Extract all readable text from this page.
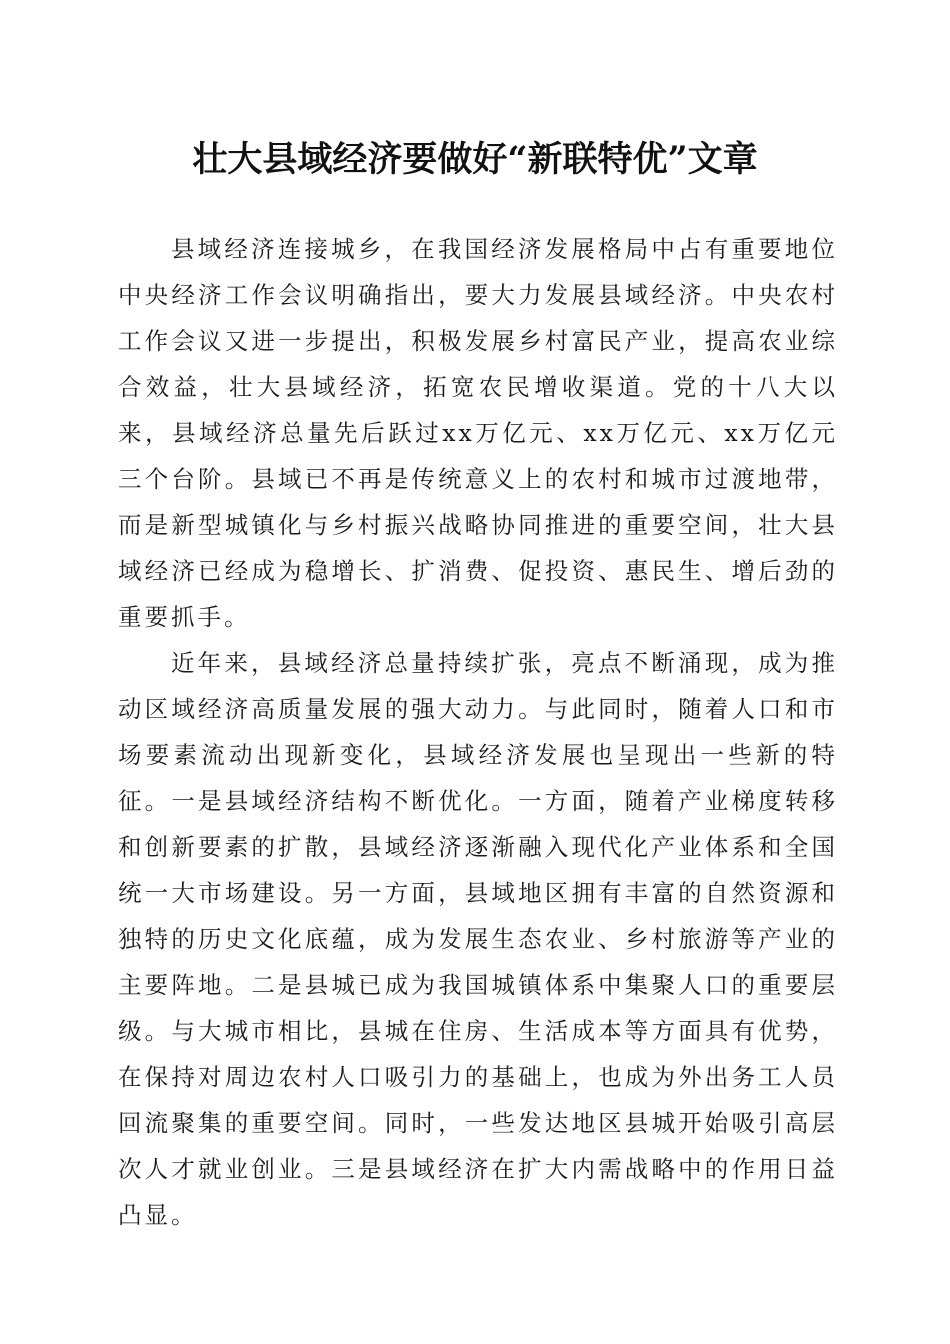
壮大县域经济要做好“新联特优”文章

县域经济连接城乡，在我国经济发展格局中占有重要地位中央经济工作会议明确指出，要大力发展县域经济。中央农村工作会议又进一步提出，积极发展乡村富民产业，提高农业综合效益，壮大县域经济，拓宽农民增收渠道。党的十八大以来，县域经济总量先后跃过xx万亿元、xx万亿元、xx万亿元三个台阶。县域已不再是传统意义上的农村和城市过渡地带，而是新型城镇化与乡村振兴战略协同推进的重要空间，壮大县域经济已经成为稳增长、扩消费、促投资、惠民生、增后劲的重要抓手。

近年来，县域经济总量持续扩张，亮点不断涌现，成为推动区域经济高质量发展的强大动力。与此同时，随着人口和市场要素流动出现新变化，县域经济发展也呈现出一些新的特征。一是县域经济结构不断优化。一方面，随着产业梯度转移和创新要素的扩散，县域经济逐渐融入现代化产业体系和全国统一大市场建设。另一方面，县域地区拥有丰富的自然资源和独特的历史文化底蕴，成为发展生态农业、乡村旅游等产业的主要阵地。二是县城已成为我国城镇体系中集聚人口的重要层级。与大城市相比，县城在住房、生活成本等方面具有优势，在保持对周边农村人口吸引力的基础上，也成为外出务工人员回流聚集的重要空间。同时，一些发达地区县城开始吸引高层次人才就业创业。三是县域经济在扩大内需战略中的作用日益凸显。
